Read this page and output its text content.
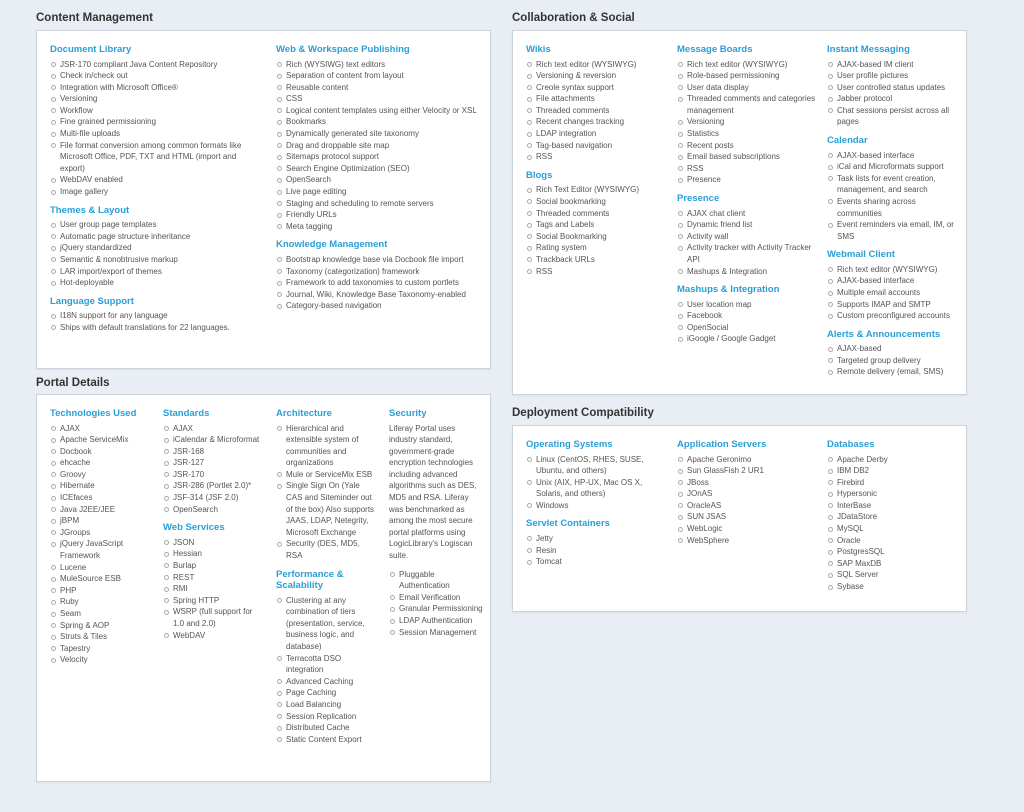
Content Management
Document Library
JSR-170 compliant Java Content Repository
Check in/check out
Integration with Microsoft Office®
Versioning
Workflow
Fine grained permissioning
Multi-file uploads
File format conversion among common formats like Microsoft Office, PDF, TXT and HTML (import and export)
WebDAV enabled
Image gallery
Themes & Layout
User group page templates
Automatic page structure inheritance
jQuery standardized
Semantic & nonobtrusive markup
LAR import/export of themes
Hot-deployable
Language Support
I18N support for any language
Ships with default translations for 22 languages.
Web & Workspace Publishing
Rich (WYSIWG) text editors
Separation of content from layout
Reusable content
CSS
Logical content templates using either Velocity or XSL
Bookmarks
Dynamically generated site taxonomy
Drag and droppable site map
Sitemaps protocol support
Search Engine Optimization (SEO)
OpenSearch
Live page editing
Staging and scheduling to remote servers
Friendly URLs
Meta tagging
Knowledge Management
Bootstrap knowledge base via Docbook file import
Taxonomy (categorization) framework
Framework to add taxonomies to custom portlets
Journal, Wiki, Knowledge Base Taxonomy-enabled
Category-based navigation
Collaboration & Social
Wikis
Rich text editor (WYSIWYG)
Versioning & reversion
Creole syntax support
File attachments
Threaded comments
Recent changes tracking
LDAP integration
Tag-based navigation
RSS
Blogs
Rich Text Editor (WYSIWYG)
Social bookmarking
Threaded comments
Tags and Labels
Social Bookmarking
Rating system
Trackback URLs
RSS
Message Boards
Rich text editor (WYSIWYG)
Role-based permissioning
User data display
Threaded comments and categories management
Versioning
Statistics
Recent posts
Email based subscriptions
RSS
Presence
Presence
AJAX chat client
Dynamic friend list
Activity wall
Activity tracker with Activity Tracker API
Mashups & Integration
Mashups & Integration
User location map
Facebook
OpenSocial
iGoogle / Google Gadget
Instant Messaging
AJAX-based IM client
User profile pictures
User controlled status updates
Jabber protocol
Chat sessions persist across all pages
Calendar
AJAX-based interface
iCal and Microformats support
Task lists for event creation, management, and search
Events sharing across communities
Event reminders via email, IM, or SMS
Webmail Client
Rich text editor (WYSIWYG)
AJAX-based interface
Multiple email accounts
Supports IMAP and SMTP
Custom preconfigured accounts
Alerts & Announcements
AJAX-based
Targeted group delivery
Remote delivery (email, SMS)
Portal Details
Technologies Used
AJAX
Apache ServiceMix
Docbook
ehcache
Groovy
Hibernate
ICEfaces
Java J2EE/JEE
jBPM
JGroups
jQuery JavaScript Framework
Lucene
MuleSource ESB
PHP
Ruby
Seam
Spring & AOP
Struts & Tiles
Tapestry
Velocity
Standards
AJAX
iCalendar & Microformat
JSR-168
JSR-127
JSR-170
JSR-286 (Portlet 2.0)*
JSF-314 (JSF 2.0)
OpenSearch
Web Services
JSON
Hessian
Burlap
REST
RMI
Spring HTTP
WSRP (full support for 1.0 and 2.0)
WebDAV
Architecture
Hierarchical and extensible system of communities and organizations
Mule or ServiceMix ESB
Single Sign On (Yale CAS and Siteminder out of the box) Also supports JAAS, LDAP, Netegrity, Microsoft Exchange
Security (DES, MD5, RSA
Performance & Scalability
Clustering at any combination of tiers (presentation, service, business logic, and database)
Terracotta DSO integration
Advanced Caching
Page Caching
Load Balancing
Session Replication
Distributed Cache
Static Content Export
Security

Liferay Portal uses industry standard, government-grade encryption technologies including advanced algorithms such as DES, MD5 and RSA. Liferay was benchmarked as among the most secure portal platforms using LogicLibrary's Logiscan suite.

Pluggable Authentication
Email Verification
Granular Permissioning
LDAP Authentication
Session Management
Deployment Compatibility
Operating Systems
Linux (CentOS, RHES, SUSE, Ubuntu, and others)
Unix (AIX, HP-UX, Mac OS X, Solaris, and others)
Windows
Servlet Containers
Jetty
Resin
Tomcat
Application Servers
Apache Geronimo
Sun GlassFish 2 UR1
JBoss
JOnAS
OracleAS
SUN JSAS
WebLogic
WebSphere
Databases
Apache Derby
IBM DB2
Firebird
Hypersonic
InterBase
JDataStore
MySQL
Oracle
PostgresSQL
SAP MaxDB
SQL Server
Sybase
